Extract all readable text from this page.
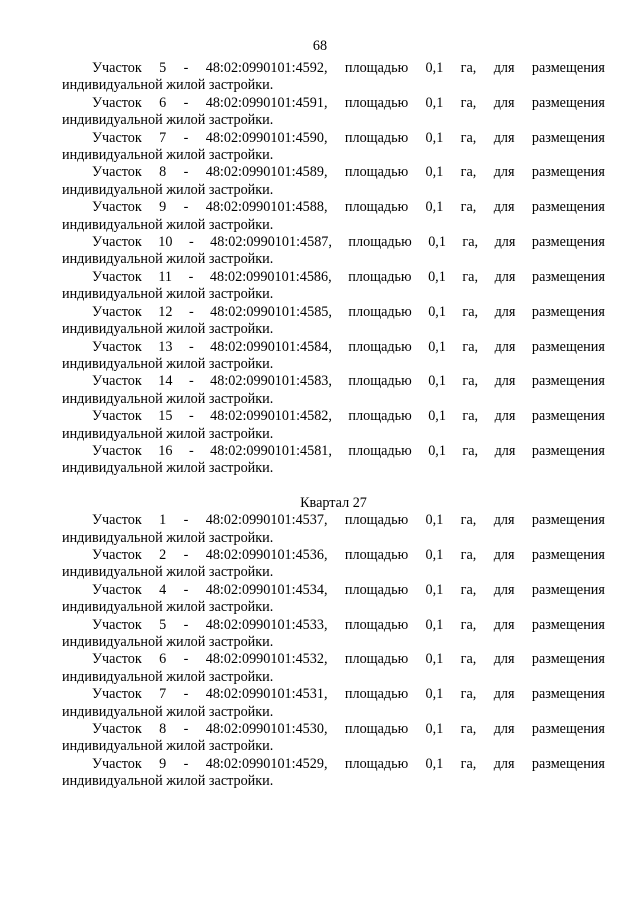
68

Участок 5 - 48:02:0990101:4592, площадью 0,1 га, для размещения
индивидуальной жилой застройки.

Участок 6 - 48:02:0990101:4591, площадью 0,1 га, для размещения
индивидуальной жилой застройки.

Участок 7 - 48:02:0990101:4590, площадью 0,1 га, для размещения
индивидуальной жилой застройки.

Участок 8 - 48:02:0990101:4589, площадью 0,1 га, для размещения
индивидуальной жилой застройки.

Участок 9 - 48:02:0990101:4588, площадью 0,1 га, для размещения
индивидуальной жилой застройки.

Участок 10 - 48:02:0990101:4587, площадью 0,1 га, для размещения
индивидуальной жилой застройки.

Участок 11 - 48:02:0990101:4586, площадью 0,1 га, для размещения
индивидуальной жилой застройки.

Участок 12 - 48:02:0990101:4585, площадью 0,1 га, для размещения
индивидуальной жилой застройки.

Участок 13 - 48:02:0990101:4584, площадью 0,1 га, для размещения
индивидуальной жилой застройки.

Участок 14 - 48:02:0990101:4583, площадью 0,1 га, для размещения
индивидуальной жилой застройки.

Участок 15 - 48:02:0990101:4582, площадью 0,1 га, для размещения
индивидуальной жилой застройки.

Участок 16 - 48:02:0990101:4581, площадью 0,1 га, для размещения
индивидуальной жилой застройки.

Квартал 27

Участок 1 - 48:02:0990101:4537, площадью 0,1 га, для размещения
индивидуальной жилой застройки.

Участок 2 - 48:02:0990101:4536, площадью 0,1 га, для размещения
индивидуальной жилой застройки.

Участок 4 - 48:02:0990101:4534, площадью 0,1 га, для размещения
индивидуальной жилой застройки.

Участок 5 - 48:02:0990101:4533, площадью 0,1 га, для размещения
индивидуальной жилой застройки.

Участок 6 - 48:02:0990101:4532, площадью 0,1 га, для размещения
индивидуальной жилой застройки.

Участок 7 - 48:02:0990101:4531, площадью 0,1 га, для размещения
индивидуальной жилой застройки.

Участок 8 - 48:02:0990101:4530, площадью 0,1 га, для размещения
индивидуальной жилой застройки.

Участок 9 - 48:02:0990101:4529, площадью 0,1 га, для размещения
индивидуальной жилой застройки.
